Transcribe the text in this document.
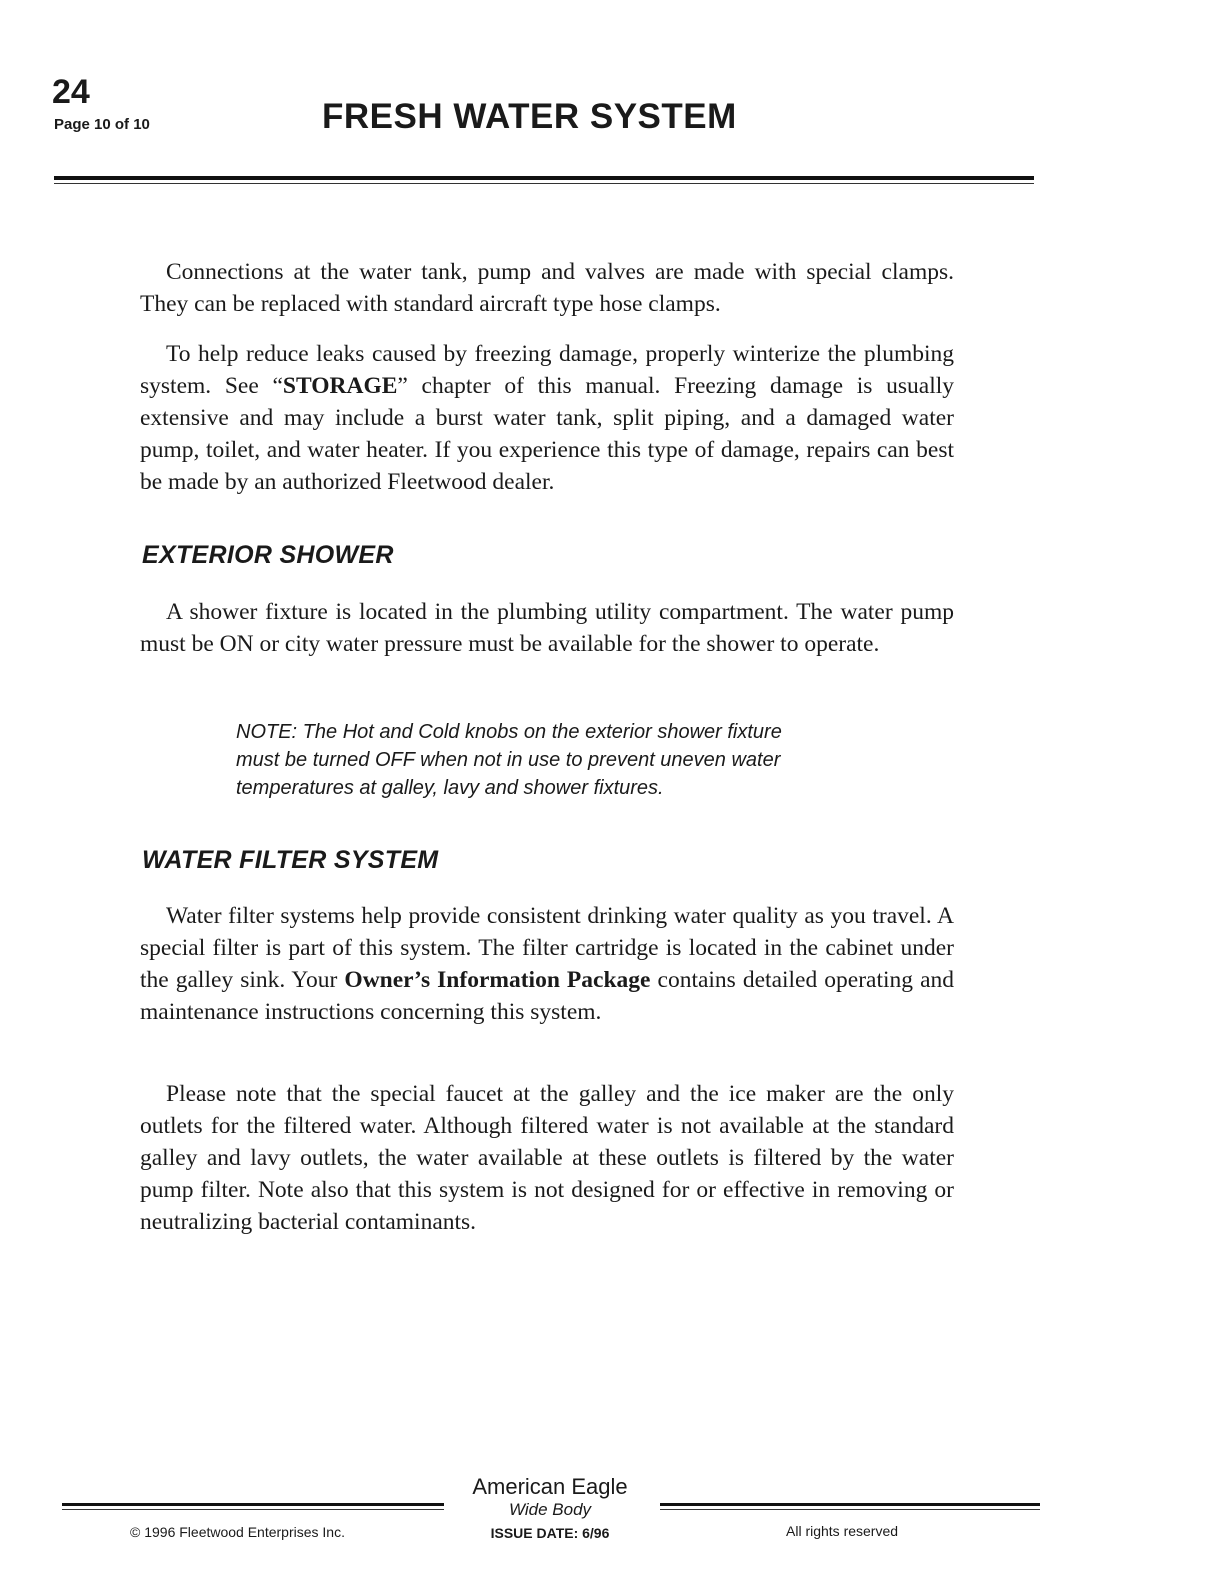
24
Page 10 of 10	FRESH WATER SYSTEM

Connections at the water tank, pump and valves are made with special clamps. They can be replaced with standard aircraft type hose clamps.

To help reduce leaks caused by freezing damage, properly winterize the plumbing system. See “STORAGE” chapter of this manual. Freezing damage is usually extensive and may include a burst water tank, split piping, and a damaged water pump, toilet, and water heater. If you experience this type of damage, repairs can best be made by an authorized Fleetwood dealer.

EXTERIOR SHOWER

A shower fixture is located in the plumbing utility compartment. The water pump must be ON or city water pressure must be available for the shower to operate.

NOTE: The Hot and Cold knobs on the exterior shower fixture
must be turned OFF when not in use to prevent uneven water
temperatures at galley, lavy and shower fixtures.
WATER FILTER SYSTEM

Water filter systems help provide consistent drinking water quality as you travel. A special filter is part of this system. The filter cartridge is located in the cabinet under the galley sink. Your Owner’s Information Package contains detailed operating and maintenance instructions concerning this system.

Please note that the special faucet at the galley and the ice maker are the only outlets for the filtered water. Although filtered water is not available at the standard galley and lavy outlets, the water available at these outlets is filtered by the water pump filter. Note also that this system is not designed for or effective in removing or neutralizing bacterial contaminants.

American Eagle
Wide Body
ISSUE DATE: 6/96
© 1996 Fleetwood Enterprises Inc.	All rights reserved
